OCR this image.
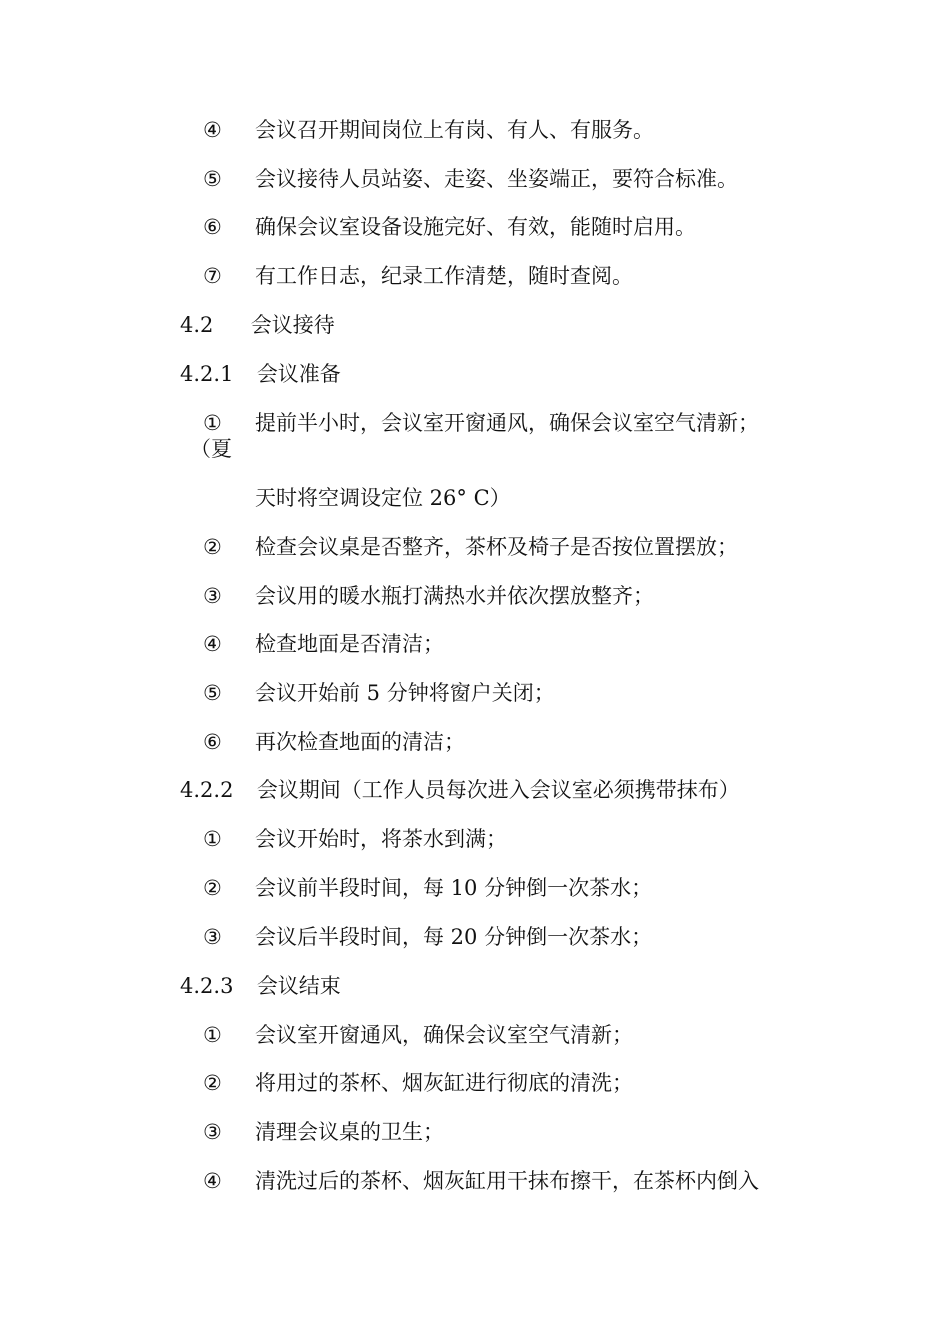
④ 会议召开期间岗位上有岗、有人、有服务。
⑤ 会议接待人员站姿、走姿、坐姿端正，要符合标准。
⑥ 确保会议室设备设施完好、有效，能随时启用。
⑦ 有工作日志，纪录工作清楚，随时查阅。
4.2 会议接待
4.2.1 会议准备
① 提前半小时，会议室开窗通风，确保会议室空气清新；
（夏
天时将空调设定位 26° C）
② 检查会议桌是否整齐，茶杯及椅子是否按位置摆放；
③ 会议用的暖水瓶打满热水并依次摆放整齐；
④ 检查地面是否清洁；
⑤ 会议开始前 5 分钟将窗户关闭；
⑥ 再次检查地面的清洁；
4.2.2 会议期间（工作人员每次进入会议室必须携带抹布）
① 会议开始时，将茶水到满；
② 会议前半段时间，每 10 分钟倒一次茶水；
③ 会议后半段时间，每 20 分钟倒一次茶水；
4.2.3 会议结束
① 会议室开窗通风，确保会议室空气清新；
② 将用过的茶杯、烟灰缸进行彻底的清洗；
③ 清理会议桌的卫生；
④ 清洗过后的茶杯、烟灰缸用干抹布擦干，在茶杯内倒入
